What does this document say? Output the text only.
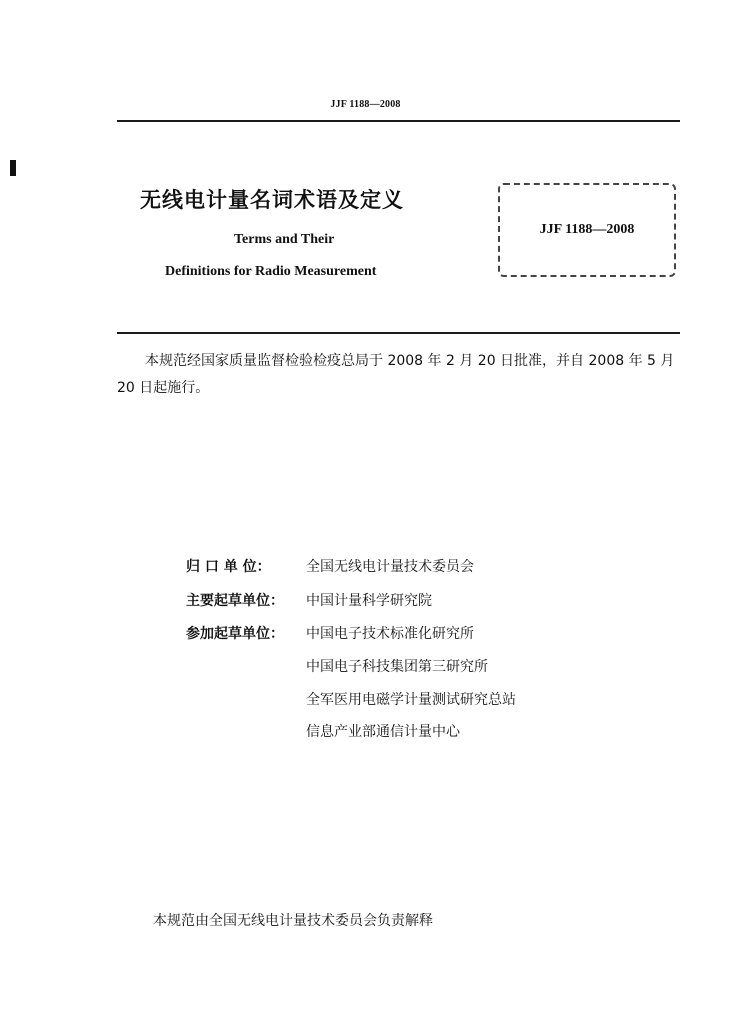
JJF 1188—2008
无线电计量名词术语及定义
Terms and Their
Definitions for Radio Measurement
JJF 1188—2008
本规范经国家质量监督检验检疫总局于 2008 年 2 月 20 日批准，并自 2008 年 5 月 20 日起施行。
归 口 单 位：	全国无线电计量技术委员会
主要起草单位： 中国计量科学研究院
参加起草单位： 中国电子技术标准化研究所
中国电子科技集团第三研究所
全军医用电磁学计量测试研究总站
信息产业部通信计量中心
本规范由全国无线电计量技术委员会负责解释
